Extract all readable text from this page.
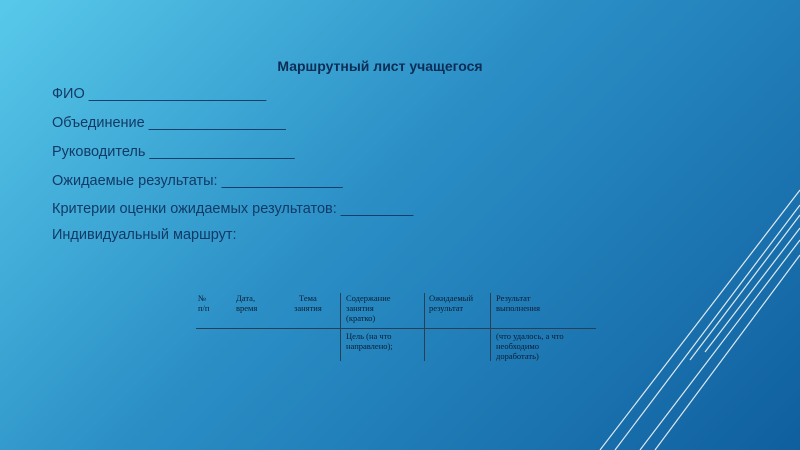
Маршрутный лист учащегося
ФИО ______________________
Объединение _________________
Руководитель __________________
Ожидаемые результаты: _______________
Критерии оценки ожидаемых результатов: _________
Индивидуальный маршрут:
№
п/п
Дата,
время
Тема
занятия
Содержание
занятия
(кратко)
Ожидаемый
результат
Результат
выполнения
Цель (на что
направлено);
(что удалось, а что
необходимо
доработать)
